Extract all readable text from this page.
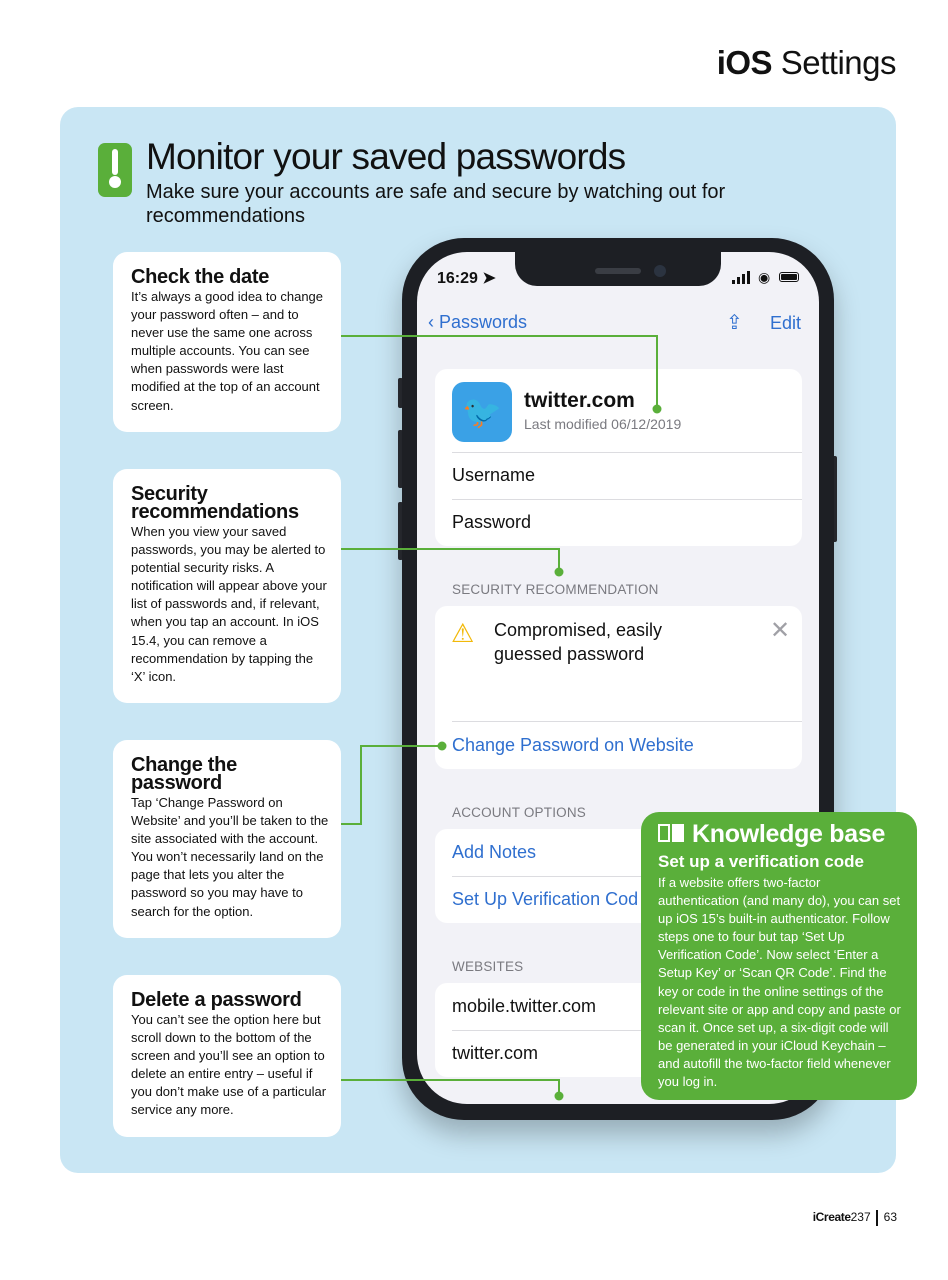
iOS Settings
Monitor your saved passwords
Make sure your accounts are safe and secure by watching out for recommendations
Check the date

It’s always a good idea to change your password often – and to never use the same one across multiple accounts. You can see when passwords were last modified at the top of an account screen.

Security recommendations

When you view your saved passwords, you may be alerted to potential security risks. A notification will appear above your list of passwords and, if relevant, when you tap an account. In iOS 15.4, you can remove a recommendation by tapping the ‘X’ icon.

Change the password

Tap ‘Change Password on Website’ and you’ll be taken to the site associated with the account. You won’t necessarily land on the page that lets you alter the password so you may have to search for the option.

Delete a password

You can’t see the option here but scroll down to the bottom of the screen and you’ll see an option to delete an entire entry – useful if you don’t make use of a particular service any more.

16:29 ➤	◉
‹ Passwords	⇪ Edit
🐦	twitter.com
Last modified 06/12/2019
Username
Password
SECURITY RECOMMENDATION
⚠ Compromised, easily guessed password
✕
Change Password on Website
ACCOUNT OPTIONS
Add Notes
Set Up Verification Cod
WEBSITES
mobile.twitter.com
twitter.com
Knowledge base
Set up a verification code
If a website offers two-factor authentication (and many do), you can set up iOS 15’s built-in authenticator. Follow steps one to four but tap ‘Set Up Verification Code’. Now select ‘Enter a Setup Key’ or ‘Scan QR Code’. Find the key or code in the online settings of the relevant site or app and copy and paste or scan it. Once set up, a six-digit code will be generated in your iCloud Keychain – and autofill the two-factor field whenever you log in.
iCreate237 63
